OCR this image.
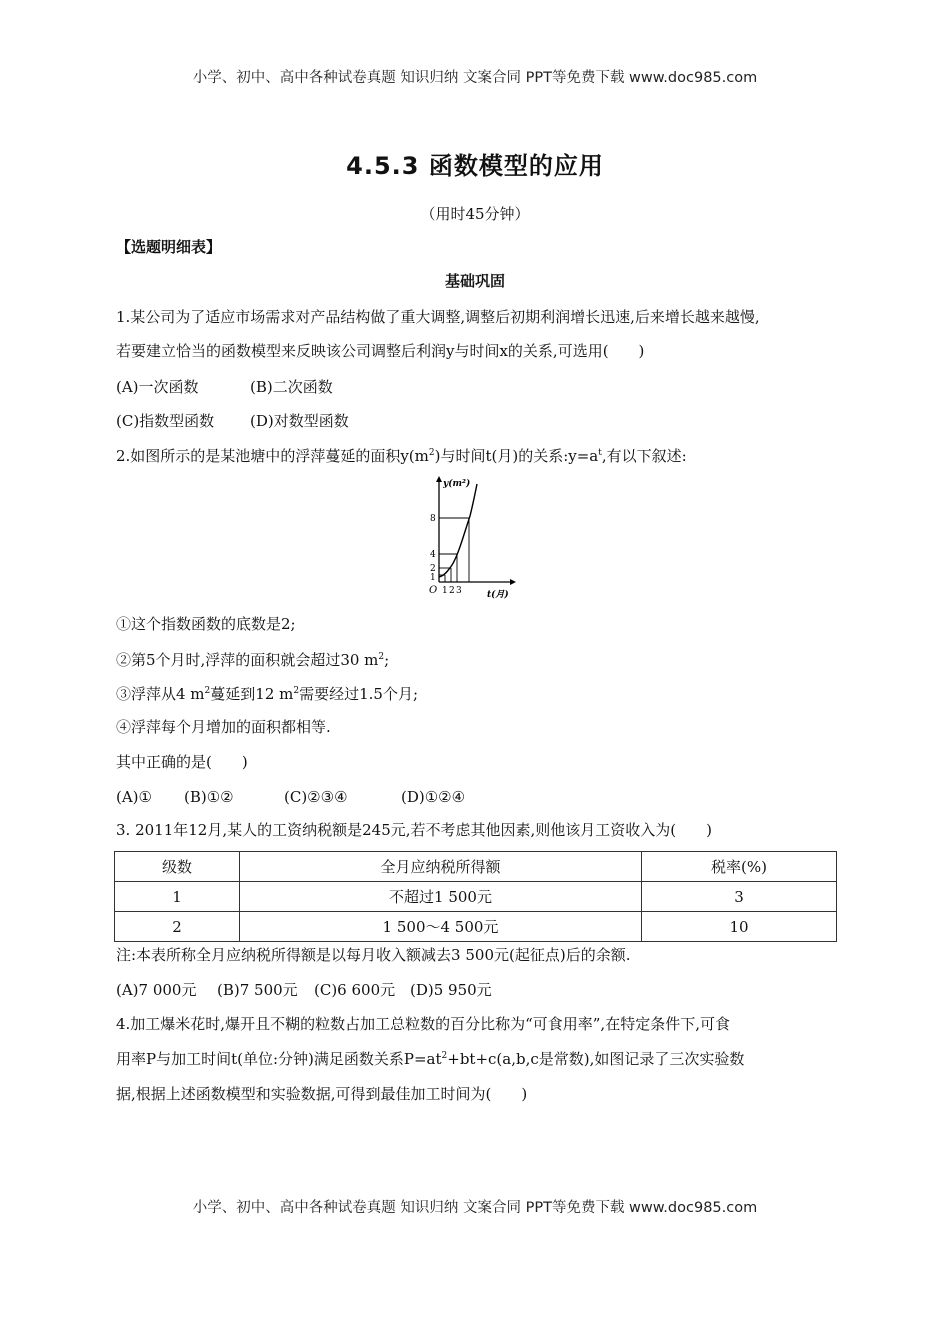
小学、初中、高中各种试卷真题 知识归纳 文案合同 PPT等免费下载 www.doc985.com
4.5.3 函数模型的应用
（用时45分钟）
【选题明细表】
基础巩固
1.某公司为了适应市场需求对产品结构做了重大调整,调整后初期利润增长迅速,后来增长越来越慢,
若要建立恰当的函数模型来反映该公司调整后利润y与时间x的关系,可选用(　　)
(A)一次函数	(B)二次函数
(C)指数型函数 (D)对数型函数
2.如图所示的是某池塘中的浮萍蔓延的面积$y(m^2)$与时间t(月)的关系$:y=a^t$,有以下叙述:
y(m²)
t(月)
O
1
2
4
8
1 2 3
①这个指数函数的底数是2;
②第5个月时,浮萍的面积就会超过30 $m^2$;
③浮萍从4 $m^2$蔓延到12 $m^2$需要经过1.5个月;
④浮萍每个月增加的面积都相等.
其中正确的是(　　)
(A)① (B)①②	(C)②③④	(D)①②④
3. 2011年12月,某人的工资纳税额是245元,若不考虑其他因素,则他该月工资收入为(　　)
级数	全月应纳税所得额	税率(%)
1	不超过1 500元	3
2	1 500～4 500元	10
注:本表所称全月应纳税所得额是以每月收入额减去3 500元(起征点)后的余额.
(A)7 000元 (B)7 500元 (C)6 600元 (D)5 950元
4.加工爆米花时,爆开且不糊的粒数占加工总粒数的百分比称为“可食用率”,在特定条件下,可食
用率P与加工时间t(单位:分钟)满足函数关系$P=at^2+bt+c(a,b,c$是常数),如图记录了三次实验数
据,根据上述函数模型和实验数据,可得到最佳加工时间为(　　)
小学、初中、高中各种试卷真题 知识归纳 文案合同 PPT等免费下载 www.doc985.com
